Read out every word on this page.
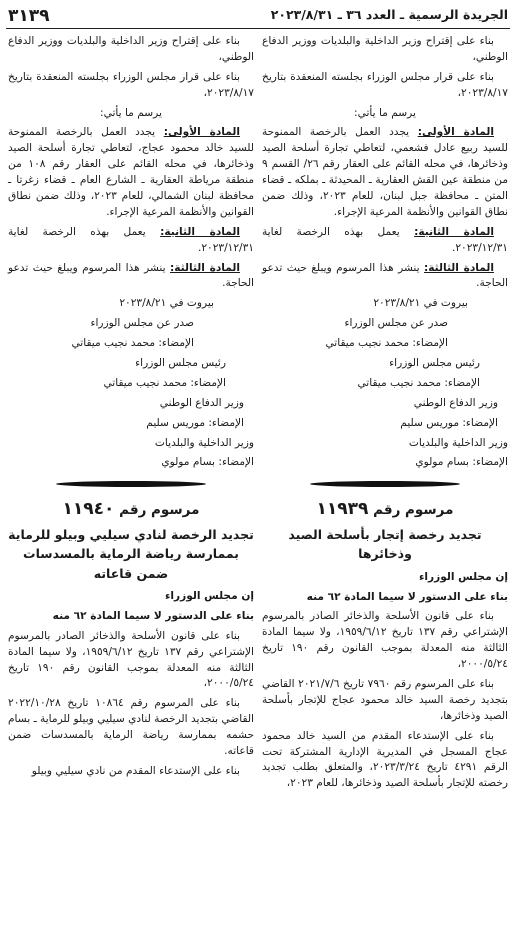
الجريدة الرسمية ـ العدد ٣٦ ـ ٢٠٢٣/٨/٣١
٣١٣٩

بناء على إقتراح وزير الداخلية والبلديات ووزير الدفاع الوطني،

بناء على قرار مجلس الوزراء بجلسته المنعقدة بتاريخ ٢٠٢٣/٨/١٧،

يرسم ما يأتي:

المادة الأولى: يجدد العمل بالرخصة الممنوحة للسيد ربيع عادل فشعمي، لتعاطي تجارة أسلحة الصيد وذخائرها، في محله القائم على العقار رقم ٢٦/ القسم ٩ من منطقة عين القش العقارية ـ المحيدثة ـ بملكه ـ قضاء المتن ـ محافظة جبل لبنان، للعام ٢٠٢٣، وذلك ضمن نطاق القوانين والأنظمة المرعية الإجراء.

المادة الثانية: يعمل بهذه الرخصة لغاية ٢٠٢٣/١٢/٣١.

المادة الثالثة: ينشر هذا المرسوم ويبلغ حيث تدعو الحاجة.

بيروت في ٢٠٢٣/٨/٢١

صدر عن مجلس الوزراء

الإمضاء: محمد نجيب ميقاتي

رئيس مجلس الوزراء

الإمضاء: محمد نجيب ميقاتي

وزير الدفاع الوطني

الإمضاء: موريس سليم

وزير الداخلية والبلديات

الإمضاء: بسام مولوي

مرسوم رقم ١١٩٣٩
تجديد رخصة إتجار بأسلحة الصيد وذخائرها

إن مجلس الوزراء

بناء على الدستور لا سيما المادة ٦٢ منه

بناء على قانون الأسلحة والذخائر الصادر بالمرسوم الإشتراعي رقم ١٣٧ تاريخ ١٩٥٩/٦/١٢، ولا سيما المادة الثالثة منه المعدلة بموجب القانون رقم ١٩٠ تاريخ ٢٠٠٠/٥/٢٤،

بناء على المرسوم رقم ٧٩٦٠ تاريخ ٢٠٢١/٧/٦ القاضي بتجديد رخصة السيد خالد محمود عجاج للإتجار بأسلحة الصيد وذخائرها،

بناء على الإستدعاء المقدم من السيد خالد محمود عجاج المسجل في المديرية الإدارية المشتركة تحت الرقم ٤٢٩١ تاريخ ٢٠٢٣/٣/٢٤، والمتعلق بطلب تجديد رخصته للإتجار بأسلحة الصيد وذخائرها، للعام ٢٠٢٣،

بناء على إقتراح وزير الداخلية والبلديات ووزير الدفاع الوطني،

بناء على قرار مجلس الوزراء بجلسته المنعقدة بتاريخ ٢٠٢٣/٨/١٧،

يرسم ما يأتي:

المادة الأولى: يجدد العمل بالرخصة الممنوحة للسيد خالد محمود عجاج، لتعاطي تجارة أسلحة الصيد وذخائرها، في محله القائم على العقار رقم ١٠٨ من منطقة مرياطة العقارية ـ الشارع العام ـ قضاء زغرتا ـ محافظة لبنان الشمالي، للعام ٢٠٢٣، وذلك ضمن نطاق القوانين والأنظمة المرعية الإجراء.

المادة الثانية: يعمل بهذه الرخصة لغاية ٢٠٢٣/١٢/٣١.

المادة الثالثة: ينشر هذا المرسوم ويبلغ حيث تدعو الحاجة.

بيروت في ٢٠٢٣/٨/٢١

صدر عن مجلس الوزراء

الإمضاء: محمد نجيب ميقاتي

رئيس مجلس الوزراء

الإمضاء: محمد نجيب ميقاتي

وزير الدفاع الوطني

الإمضاء: موريس سليم

وزير الداخلية والبلديات

الإمضاء: بسام مولوي

مرسوم رقم ١١٩٤٠
تجديد الرخصة لنادي سيليي وبيلو للرماية بممارسة رياضة الرماية بالمسدسات ضمن قاعاته

إن مجلس الوزراء

بناء على الدستور لا سيما المادة ٦٢ منه

بناء على قانون الأسلحة والذخائر الصادر بالمرسوم الإشتراعي رقم ١٣٧ تاريخ ١٩٥٩/٦/١٢، ولا سيما المادة الثالثة منه المعدلة بموجب القانون رقم ١٩٠ تاريخ ٢٠٠٠/٥/٢٤،

بناء على المرسوم رقم ١٠٨٦٤ تاريخ ٢٠٢٢/١٠/٢٨ القاضي بتجديد الرخصة لنادي سيليي وبيلو للرماية ـ بسام حشمه بممارسة رياضة الرماية بالمسدسات ضمن قاعاته.

بناء على الإستدعاء المقدم من نادي سيليي وبيلو
